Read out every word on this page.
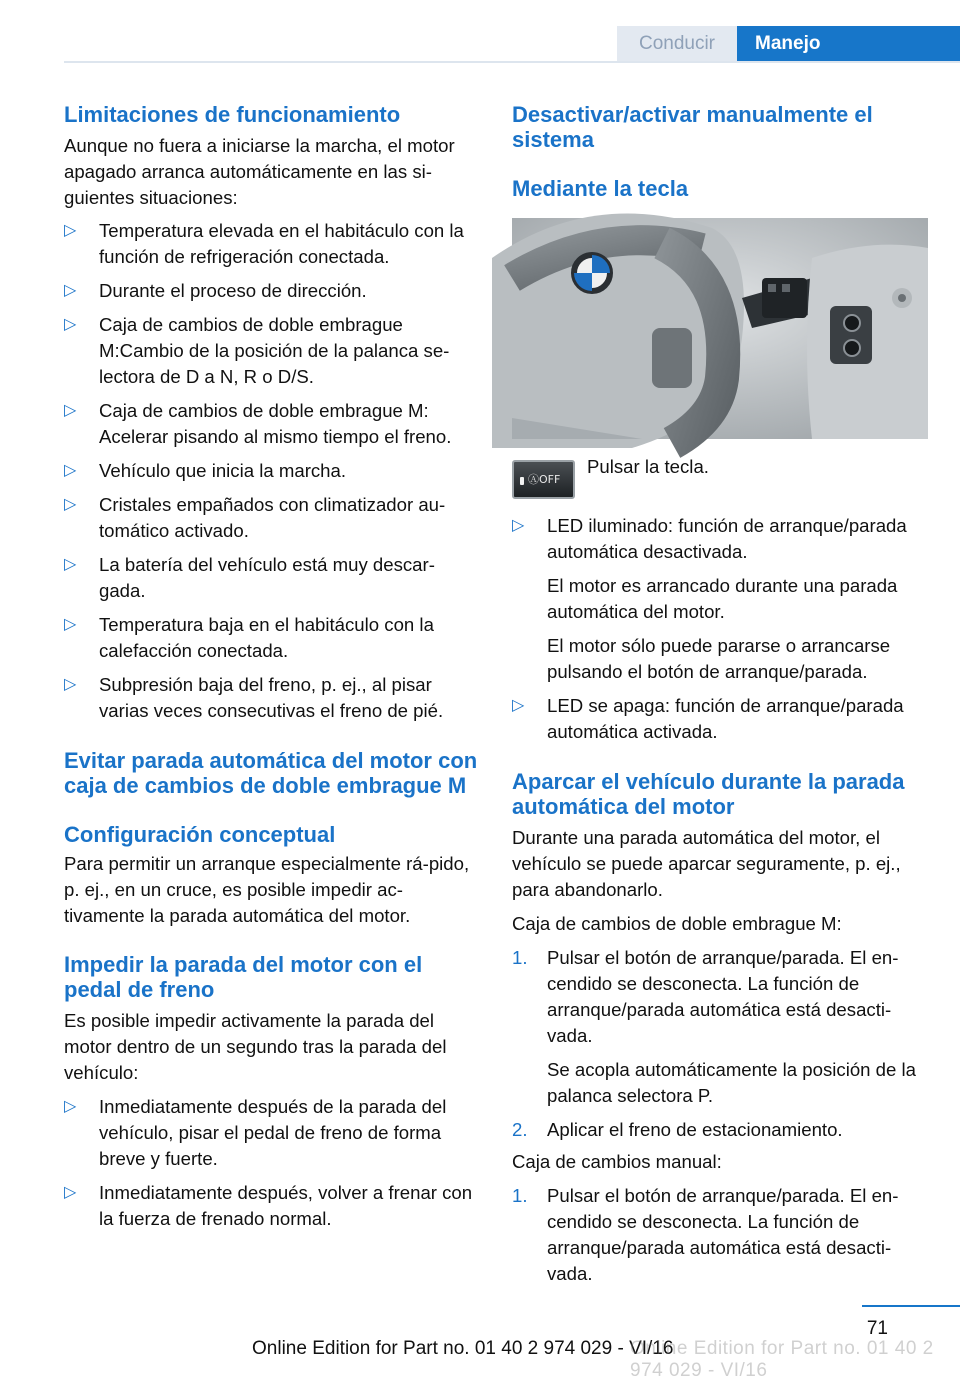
Conducir	Manejo
Limitaciones de funcionamiento

Aunque no fuera a iniciarse la marcha, el motor apagado arranca automáticamente en las si‐guientes situaciones:

▷ Temperatura elevada en el habitáculo con la función de refrigeración conectada.
▷ Durante el proceso de dirección.
▷ Caja de cambios de doble embrague M:Cambio de la posición de la palanca se‐lectora de D a N, R o D/S.
▷ Caja de cambios de doble embrague M: Acelerar pisando al mismo tiempo el freno.
▷ Vehículo que inicia la marcha.
▷ Cristales empañados con climatizador au‐tomático activado.
▷ La batería del vehículo está muy descar‐gada.
▷ Temperatura baja en el habitáculo con la calefacción conectada.
▷ Subpresión baja del freno, p. ej., al pisar varias veces consecutivas el freno de pié.
Evitar parada automática del motor con caja de cambios de doble embrague M
Configuración conceptual

Para permitir un arranque especialmente rá‐pido, p. ej., en un cruce, es posible impedir ac‐tivamente la parada automática del motor.

Impedir la parada del motor con el pedal de freno

Es posible impedir activamente la parada del motor dentro de un segundo tras la parada del vehículo:

▷ Inmediatamente después de la parada del vehículo, pisar el pedal de freno de forma breve y fuerte.
▷ Inmediatamente después, volver a frenar con la fuerza de frenado normal.
Desactivar/activar manualmente el sistema
Mediante la tecla
ⒶOFF
Pulsar la tecla.
▷ LED iluminado: función de arranque/parada automática desactivada.

El motor es arrancado durante una parada automática del motor.

El motor sólo puede pararse o arrancarse pulsando el botón de arranque/parada.

▷ LED se apaga: función de arranque/parada automática activada.
Aparcar el vehículo durante la parada automática del motor

Durante una parada automática del motor, el vehículo se puede aparcar seguramente, p. ej., para abandonarlo.

Caja de cambios de doble embrague M:

1. Pulsar el botón de arranque/parada. El en‐cendido se desconecta. La función de arranque/parada automática está desacti‐vada.

Se acopla automáticamente la posición de la palanca selectora P.

2. Aplicar el freno de estacionamiento.

Caja de cambios manual:

1. Pulsar el botón de arranque/parada. El en‐cendido se desconecta. La función de arranque/parada automática está desacti‐vada.
71
Online Edition for Part no. 01 40 2 974 029 - VI/16
Online Edition for Part no. 01 40 2 974 029 - VI/16
